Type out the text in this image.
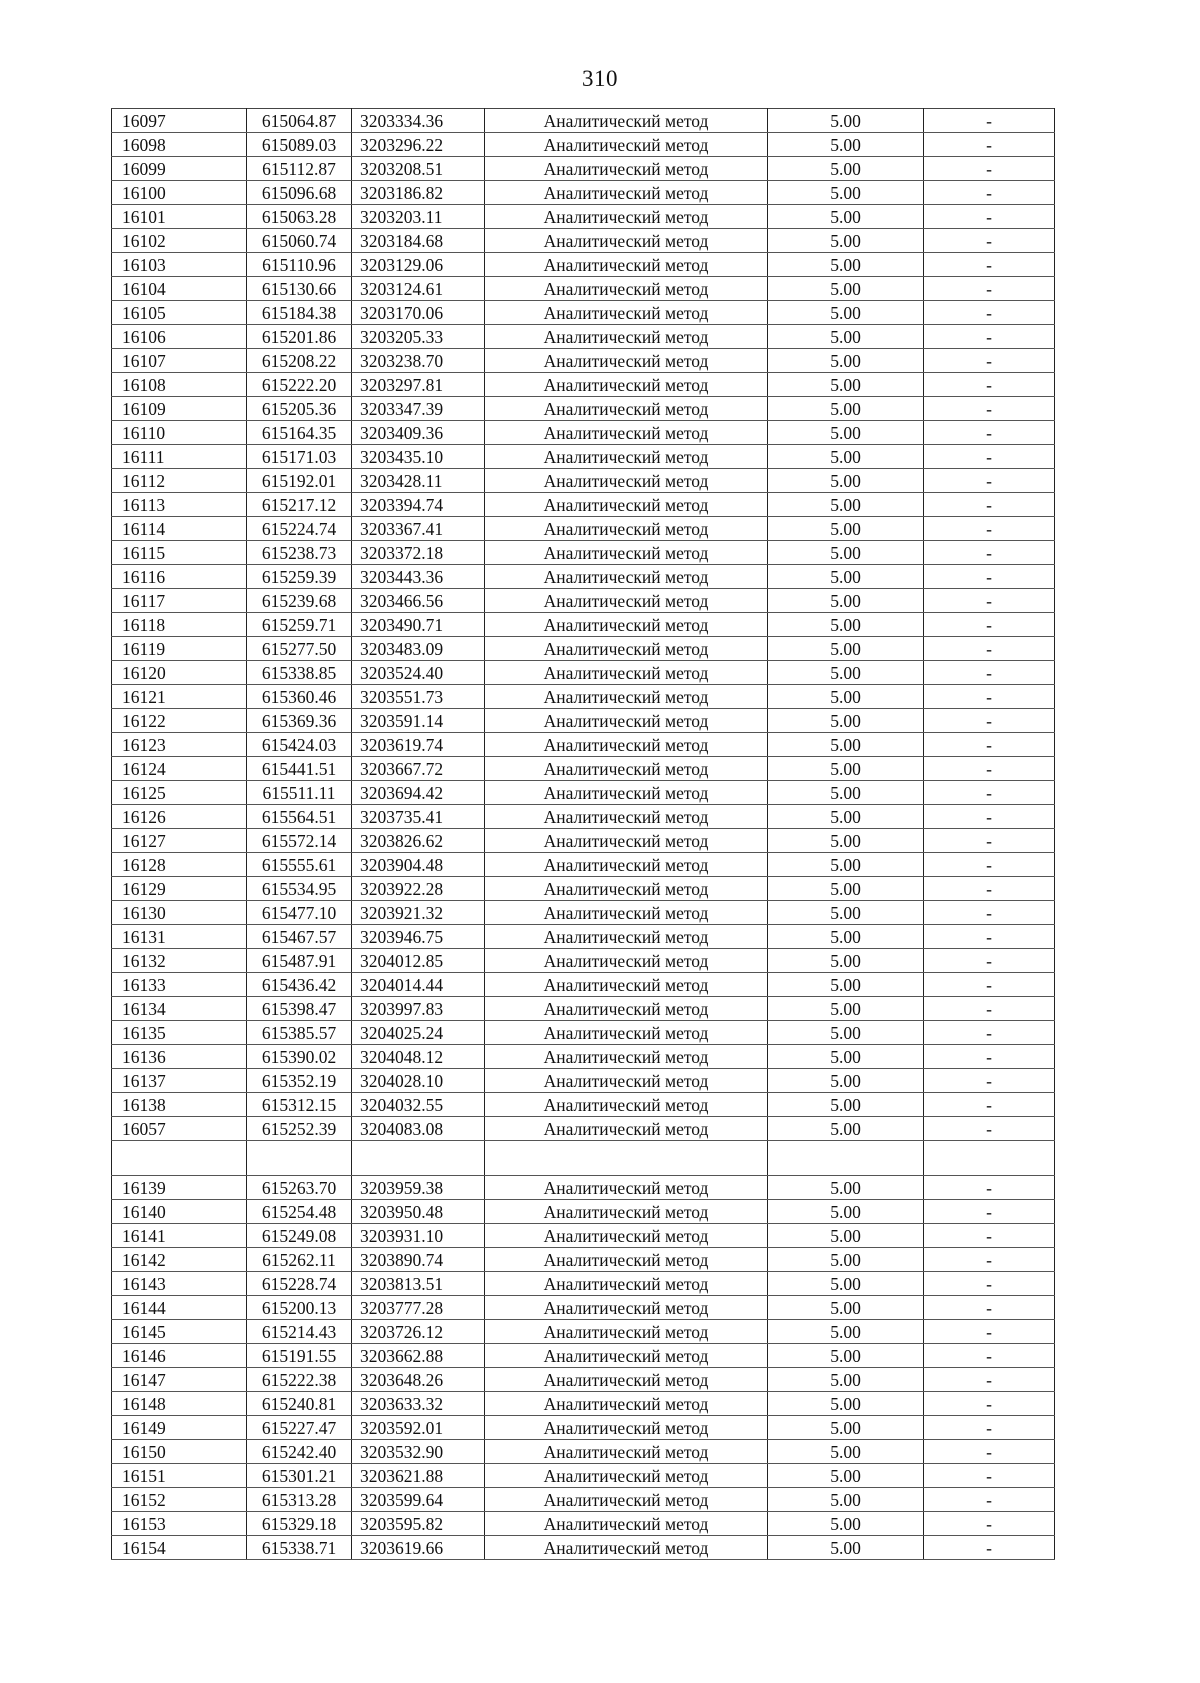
310
16097	615064.87	3203334.36	Аналитический метод	5.00	-
16098	615089.03	3203296.22	Аналитический метод	5.00	-
16099	615112.87	3203208.51	Аналитический метод	5.00	-
16100	615096.68	3203186.82	Аналитический метод	5.00	-
16101	615063.28	3203203.11	Аналитический метод	5.00	-
16102	615060.74	3203184.68	Аналитический метод	5.00	-
16103	615110.96	3203129.06	Аналитический метод	5.00	-
16104	615130.66	3203124.61	Аналитический метод	5.00	-
16105	615184.38	3203170.06	Аналитический метод	5.00	-
16106	615201.86	3203205.33	Аналитический метод	5.00	-
16107	615208.22	3203238.70	Аналитический метод	5.00	-
16108	615222.20	3203297.81	Аналитический метод	5.00	-
16109	615205.36	3203347.39	Аналитический метод	5.00	-
16110	615164.35	3203409.36	Аналитический метод	5.00	-
16111	615171.03	3203435.10	Аналитический метод	5.00	-
16112	615192.01	3203428.11	Аналитический метод	5.00	-
16113	615217.12	3203394.74	Аналитический метод	5.00	-
16114	615224.74	3203367.41	Аналитический метод	5.00	-
16115	615238.73	3203372.18	Аналитический метод	5.00	-
16116	615259.39	3203443.36	Аналитический метод	5.00	-
16117	615239.68	3203466.56	Аналитический метод	5.00	-
16118	615259.71	3203490.71	Аналитический метод	5.00	-
16119	615277.50	3203483.09	Аналитический метод	5.00	-
16120	615338.85	3203524.40	Аналитический метод	5.00	-
16121	615360.46	3203551.73	Аналитический метод	5.00	-
16122	615369.36	3203591.14	Аналитический метод	5.00	-
16123	615424.03	3203619.74	Аналитический метод	5.00	-
16124	615441.51	3203667.72	Аналитический метод	5.00	-
16125	615511.11	3203694.42	Аналитический метод	5.00	-
16126	615564.51	3203735.41	Аналитический метод	5.00	-
16127	615572.14	3203826.62	Аналитический метод	5.00	-
16128	615555.61	3203904.48	Аналитический метод	5.00	-
16129	615534.95	3203922.28	Аналитический метод	5.00	-
16130	615477.10	3203921.32	Аналитический метод	5.00	-
16131	615467.57	3203946.75	Аналитический метод	5.00	-
16132	615487.91	3204012.85	Аналитический метод	5.00	-
16133	615436.42	3204014.44	Аналитический метод	5.00	-
16134	615398.47	3203997.83	Аналитический метод	5.00	-
16135	615385.57	3204025.24	Аналитический метод	5.00	-
16136	615390.02	3204048.12	Аналитический метод	5.00	-
16137	615352.19	3204028.10	Аналитический метод	5.00	-
16138	615312.15	3204032.55	Аналитический метод	5.00	-
16057	615252.39	3204083.08	Аналитический метод	5.00	-

16139	615263.70	3203959.38	Аналитический метод	5.00	-
16140	615254.48	3203950.48	Аналитический метод	5.00	-
16141	615249.08	3203931.10	Аналитический метод	5.00	-
16142	615262.11	3203890.74	Аналитический метод	5.00	-
16143	615228.74	3203813.51	Аналитический метод	5.00	-
16144	615200.13	3203777.28	Аналитический метод	5.00	-
16145	615214.43	3203726.12	Аналитический метод	5.00	-
16146	615191.55	3203662.88	Аналитический метод	5.00	-
16147	615222.38	3203648.26	Аналитический метод	5.00	-
16148	615240.81	3203633.32	Аналитический метод	5.00	-
16149	615227.47	3203592.01	Аналитический метод	5.00	-
16150	615242.40	3203532.90	Аналитический метод	5.00	-
16151	615301.21	3203621.88	Аналитический метод	5.00	-
16152	615313.28	3203599.64	Аналитический метод	5.00	-
16153	615329.18	3203595.82	Аналитический метод	5.00	-
16154	615338.71	3203619.66	Аналитический метод	5.00	-
